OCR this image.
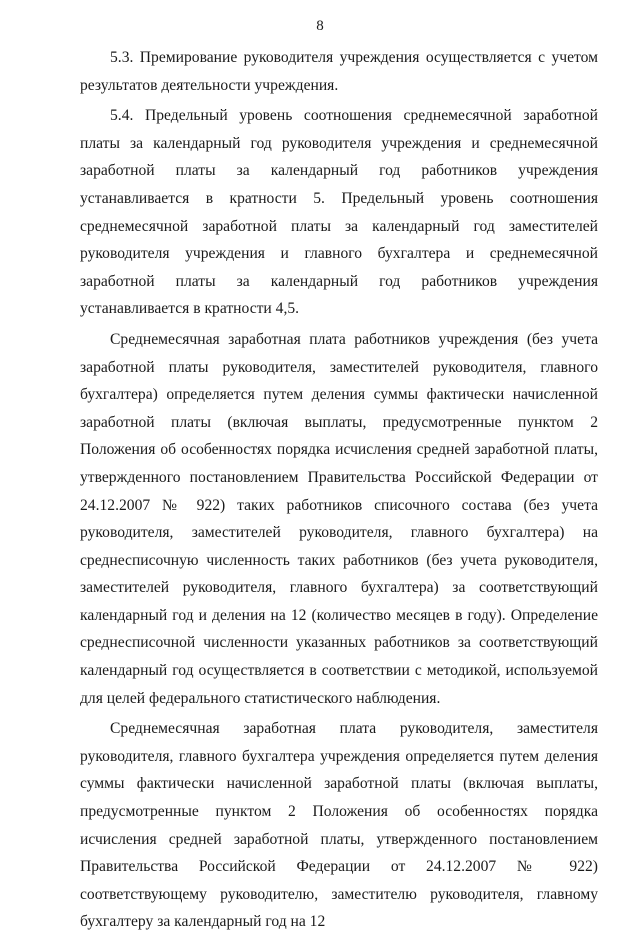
8

5.3. Премирование руководителя учреждения осуществляется с учетом результатов деятельности учреждения.

5.4. Предельный уровень соотношения среднемесячной заработной платы за календарный год руководителя учреждения и среднемесячной заработной платы за календарный год работников учреждения устанавливается в кратности 5. Предельный уровень соотношения среднемесячной заработной платы за календарный год заместителей руководителя учреждения и главного бухгалтера и среднемесячной заработной платы за календарный год работников учреждения устанавливается в кратности 4,5.

Среднемесячная заработная плата работников учреждения (без учета заработной платы руководителя, заместителей руководителя, главного бухгалтера) определяется путем деления суммы фактически начисленной заработной платы (включая выплаты, предусмотренные пунктом 2 Положения об особенностях порядка исчисления средней заработной платы, утвержденного постановлением Правительства Российской Федерации от 24.12.2007 № 922) таких работников списочного состава (без учета руководителя, заместителей руководителя, главного бухгалтера) на среднесписочную численность таких работников (без учета руководителя, заместителей руководителя, главного бухгалтера) за соответствующий календарный год и деления на 12 (количество месяцев в году). Определение среднесписочной численности указанных работников за соответствующий календарный год осуществляется в соответствии с методикой, используемой для целей федерального статистического наблюдения.

Среднемесячная заработная плата руководителя, заместителя руководителя, главного бухгалтера учреждения определяется путем деления суммы фактически начисленной заработной платы (включая выплаты, предусмотренные пунктом 2 Положения об особенностях порядка исчисления средней заработной платы, утвержденного постановлением Правительства Российской Федерации от 24.12.2007 № 922) соответствующему руководителю, заместителю руководителя, главному бухгалтеру за календарный год на 12
